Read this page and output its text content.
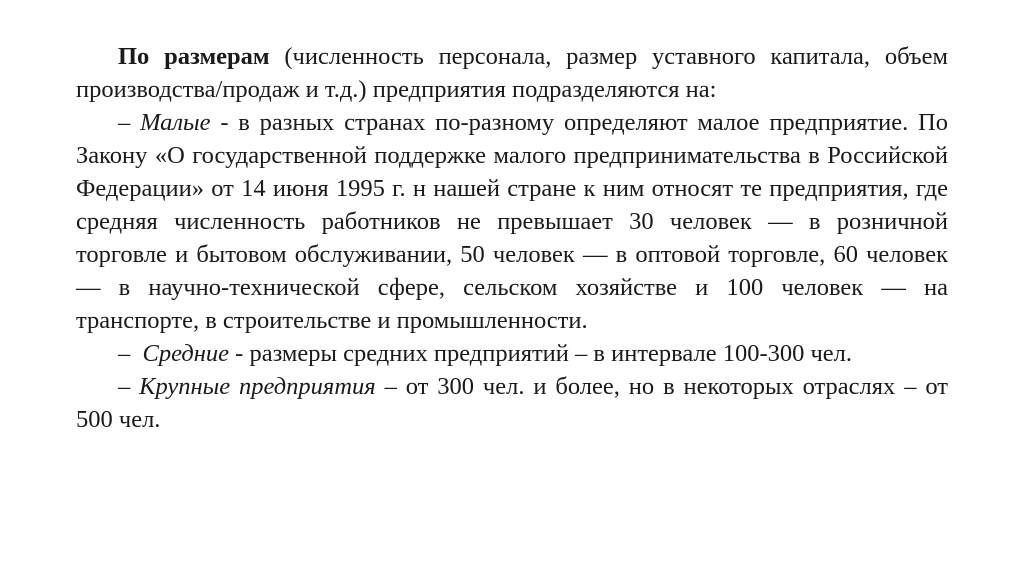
По размерам (численность персонала, размер уставного капитала, объем производства/продаж и т.д.) предприятия подразделяются на:

– Малые - в разных странах по-разному определяют малое предприятие. По Закону «О государственной поддержке малого предпринимательства в Российской Федерации» от 14 июня 1995 г. н нашей стране к ним относят те предприятия, где средняя численность работников не превышает 30 человек — в розничной торговле и бытовом обслуживании, 50 человек — в оптовой торговле, 60 человек — в научно-технической сфере, сельском хозяйстве и 100 человек — на транспорте, в строительстве и промышленности.

–  Средние - размеры средних предприятий – в интервале 100-300 чел.

– Крупные предприятия – от 300 чел. и более, но в некоторых отраслях – от 500 чел.
